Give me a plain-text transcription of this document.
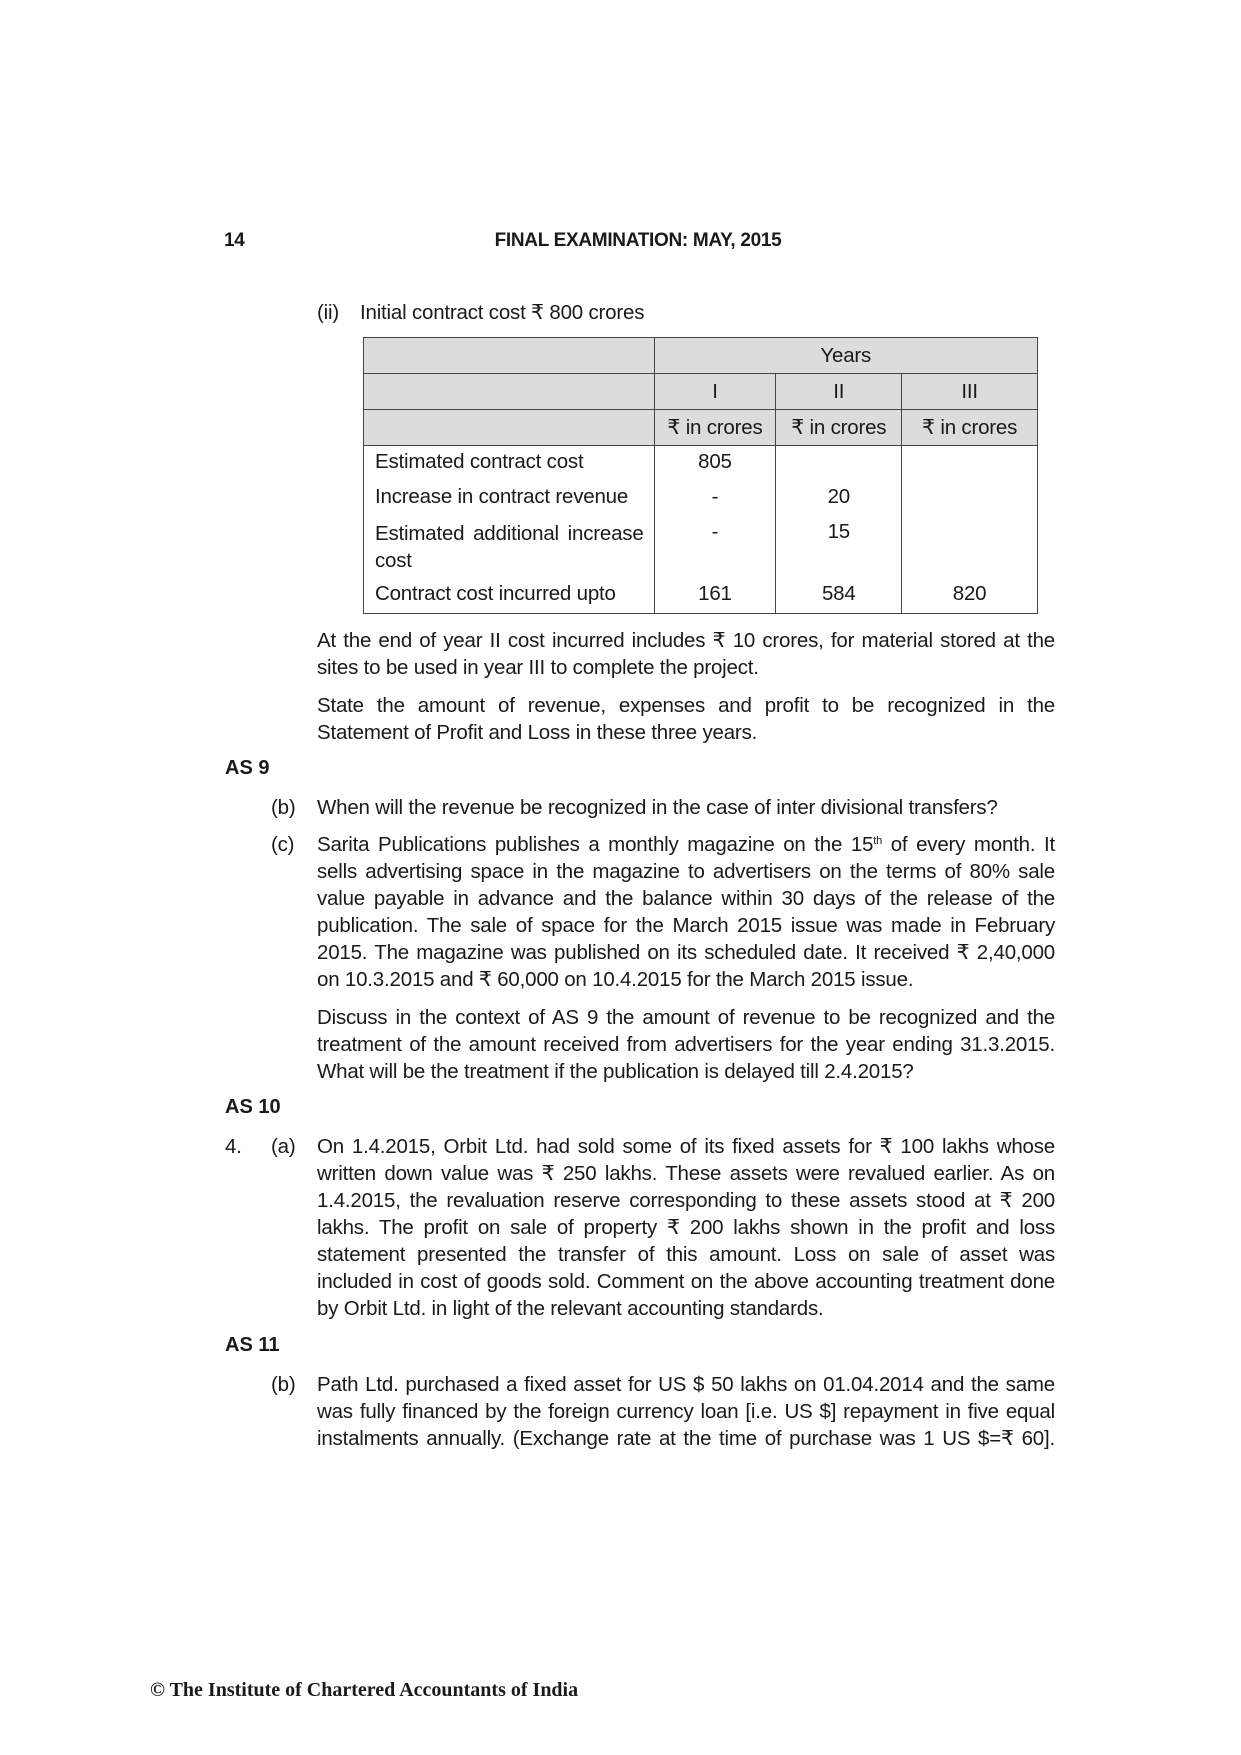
14	FINAL EXAMINATION: MAY, 2015
(ii) Initial contract cost ₹ 800 crores
	Years		
	I	II	III
	₹ in crores	₹ in crores	₹ in crores
Estimated contract cost	805		
Increase in contract revenue	-	20	
Estimated additional increase cost	-	15	
Contract cost incurred upto	161	584	820
At the end of year II cost incurred includes ₹ 10 crores, for material stored at the sites to be used in year III to complete the project.
State the amount of revenue, expenses and profit to be recognized in the Statement of Profit and Loss in these three years.
AS 9
(b) When will the revenue be recognized in the case of inter divisional transfers?
(c) Sarita Publications publishes a monthly magazine on the 15th of every month. It sells advertising space in the magazine to advertisers on the terms of 80% sale value payable in advance and the balance within 30 days of the release of the publication. The sale of space for the March 2015 issue was made in February 2015. The magazine was published on its scheduled date. It received ₹ 2,40,000 on 10.3.2015 and ₹ 60,000 on 10.4.2015 for the March 2015 issue.
Discuss in the context of AS 9 the amount of revenue to be recognized and the treatment of the amount received from advertisers for the year ending 31.3.2015. What will be the treatment if the publication is delayed till 2.4.2015?
AS 10
4. (a) On 1.4.2015, Orbit Ltd. had sold some of its fixed assets for ₹ 100 lakhs whose written down value was ₹ 250 lakhs. These assets were revalued earlier. As on 1.4.2015, the revaluation reserve corresponding to these assets stood at ₹ 200 lakhs. The profit on sale of property ₹ 200 lakhs shown in the profit and loss statement presented the transfer of this amount. Loss on sale of asset was included in cost of goods sold. Comment on the above accounting treatment done by Orbit Ltd. in light of the relevant accounting standards.
AS 11
(b) Path Ltd. purchased a fixed asset for US $ 50 lakhs on 01.04.2014 and the same was fully financed by the foreign currency loan [i.e. US $] repayment in five equal instalments annually. (Exchange rate at the time of purchase was 1 US $=₹ 60].
© The Institute of Chartered Accountants of India
